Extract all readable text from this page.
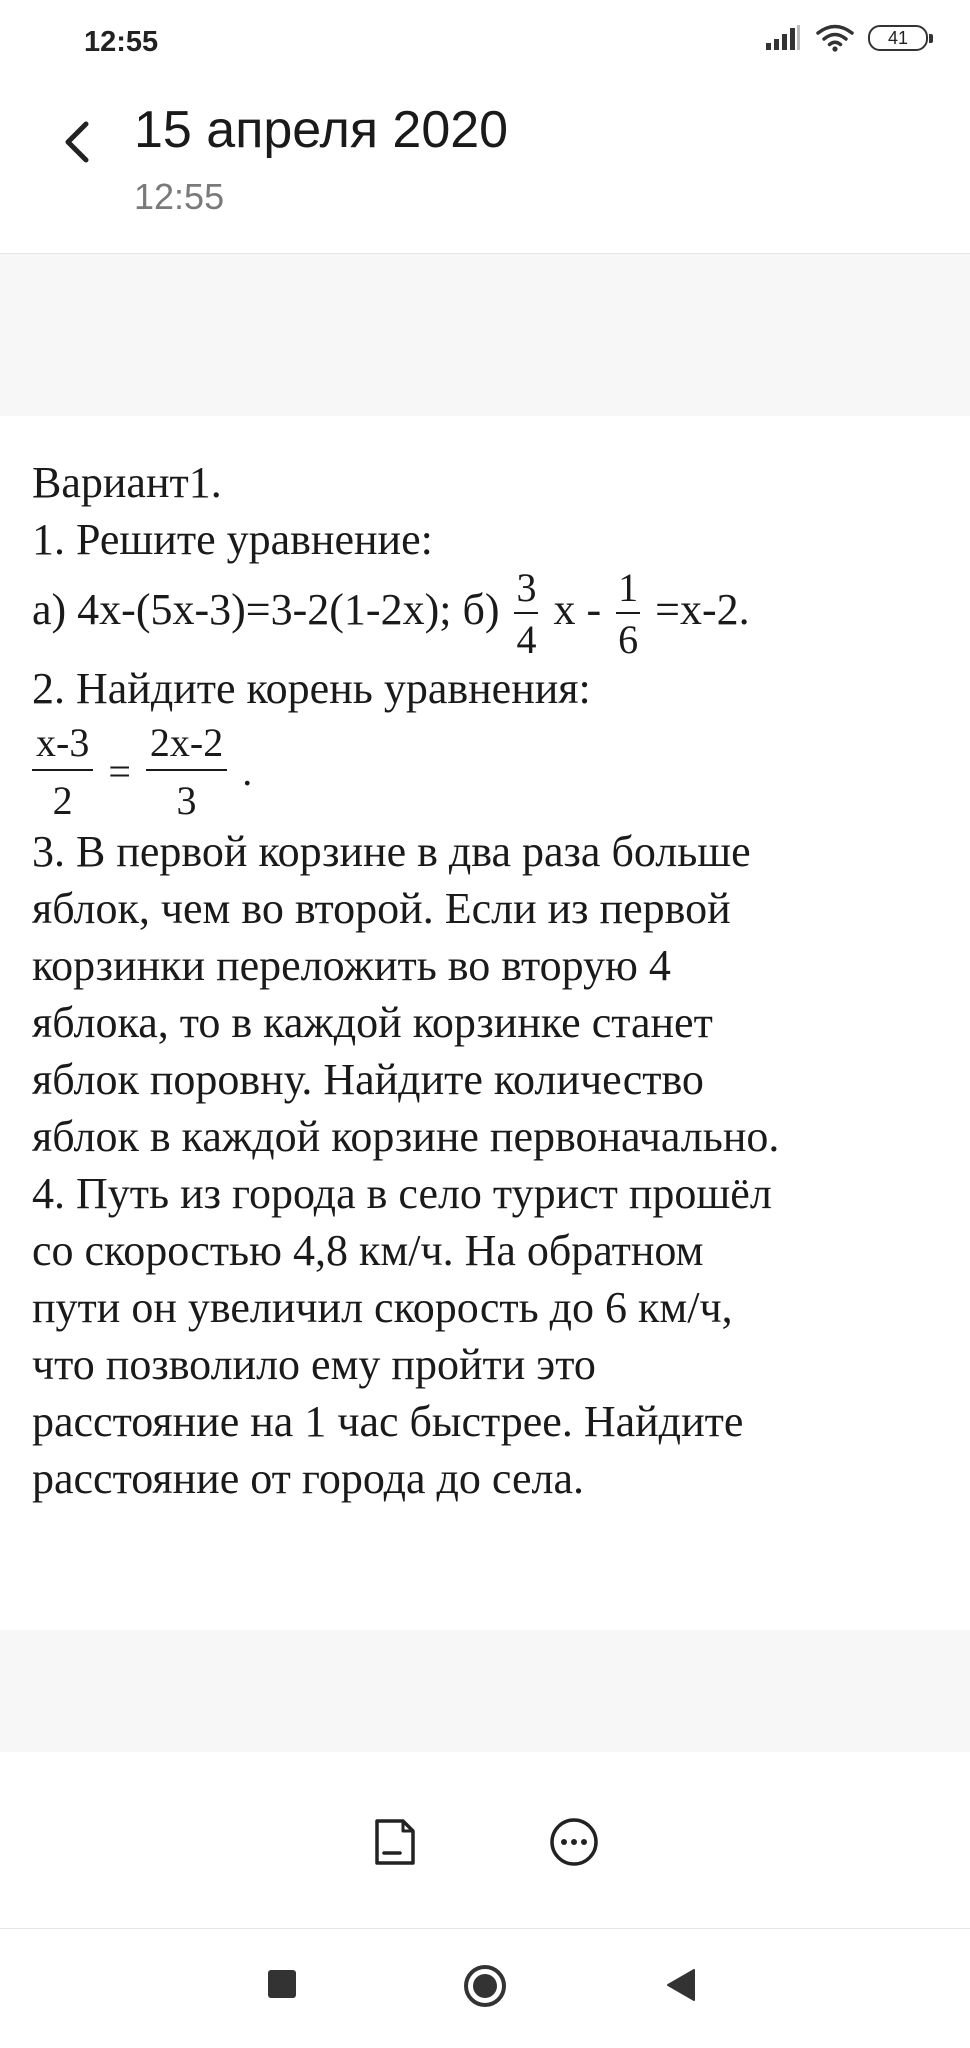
12:55	41
15 апреля 2020
12:55

Вариант1.

1. Решите уравнение:

а) 4х-(5х-3)=3-2(1-2х); $б) \frac{3}{4}$ $х - \frac{1}{6} =х-2$.

2. Найдите корень уравнения:

$\frac{х-3}{2} = \frac{2х-2}{3}$ .

3. В первой корзине в два раза больше

яблок, чем во второй. Если из первой

корзинки переложить во вторую 4

яблока, то в каждой корзинке станет

яблок поровну. Найдите количество

яблок в каждой корзине первоначально.

4. Путь из города в село турист прошёл

со скоростью 4,8 км/ч. На обратном

пути он увеличил скорость до 6 км/ч,

что позволило ему пройти это

расстояние на 1 час быстрее. Найдите

расстояние от города до села.
